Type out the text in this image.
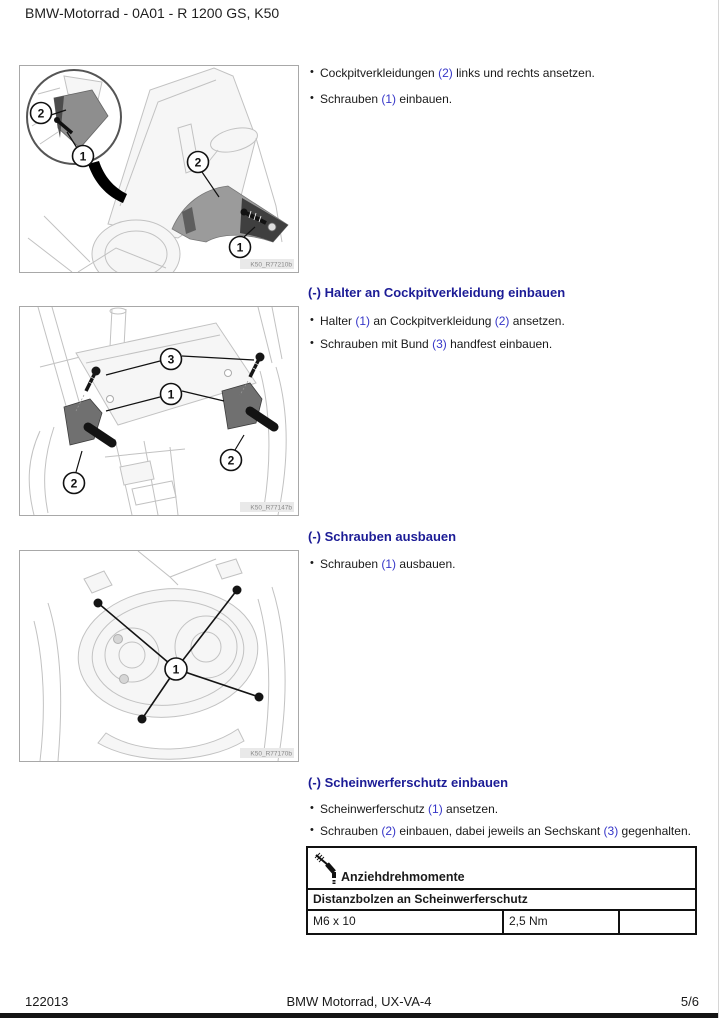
BMW-Motorrad - 0A01 - R 1200 GS, K50
2
1	2
1
K50_R77210b
3
1
2
2
K50_R77147b
1
K50_R77170b
• Cockpitverkleidungen (2) links und rechts ansetzen.
• Schrauben (1) einbauen.
(-) Halter an Cockpitverkleidung einbauen
• Halter (1) an Cockpitverkleidung (2) ansetzen.
• Schrauben mit Bund (3) handfest einbauen.
(-) Schrauben ausbauen
• Schrauben (1) ausbauen.
(-) Scheinwerferschutz einbauen
• Scheinwerferschutz (1) ansetzen.
• Schrauben (2) einbauen, dabei jeweils an Sechskant (3) gegenhalten.
Anziehdrehmomente
Distanzbolzen an Scheinwerferschutz
M6 x 10	2,5 Nm
BMW Motorrad, UX-VA-4
122013	5/6
